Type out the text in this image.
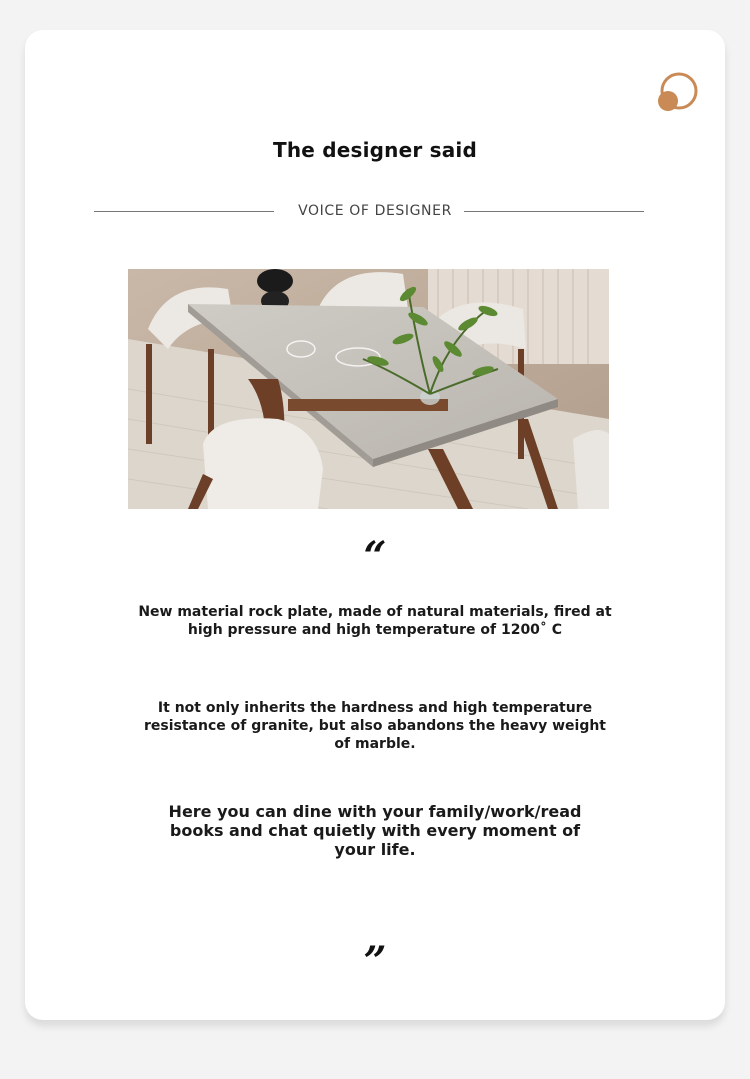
The designer said
VOICE OF DESIGNER
“
New material rock plate, made of natural materials, fired at high pressure and high temperature of 1200˚ C
It not only inherits the hardness and high temperature resistance of granite, but also abandons the heavy weight of marble.
Here you can dine with your family/work/read books and chat quietly with every moment of your life.
”
